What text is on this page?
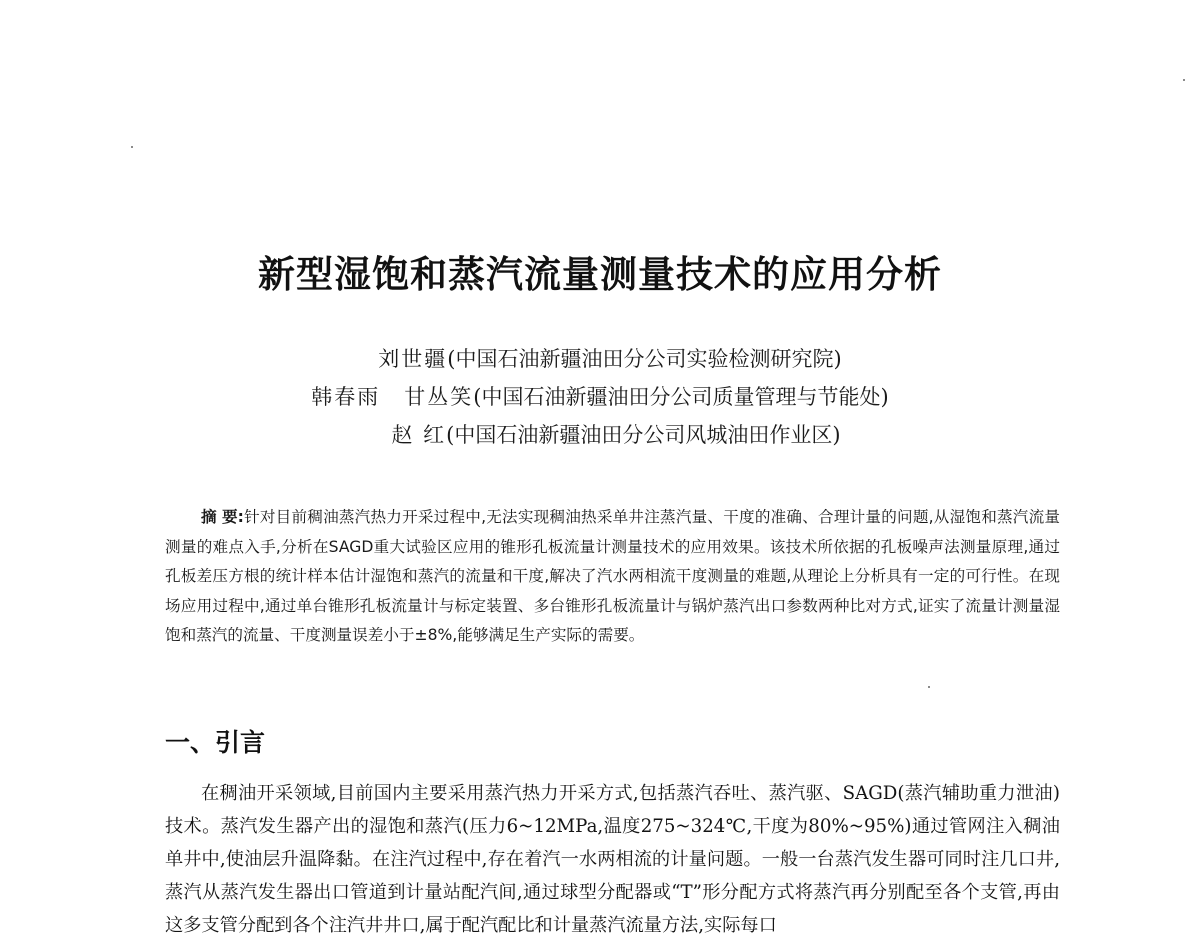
新型湿饱和蒸汽流量测量技术的应用分析
刘世疆(中国石油新疆油田分公司实验检测研究院)
韩春雨 甘丛笑(中国石油新疆油田分公司质量管理与节能处)
赵 红(中国石油新疆油田分公司风城油田作业区)

摘 要:针对目前稠油蒸汽热力开采过程中,无法实现稠油热采单井注蒸汽量、干度的准确、合理计量的问题,从湿饱和蒸汽流量测量的难点入手,分析在SAGD重大试验区应用的锥形孔板流量计测量技术的应用效果。该技术所依据的孔板噪声法测量原理,通过孔板差压方根的统计样本估计湿饱和蒸汽的流量和干度,解决了汽水两相流干度测量的难题,从理论上分析具有一定的可行性。在现场应用过程中,通过单台锥形孔板流量计与标定装置、多台锥形孔板流量计与锅炉蒸汽出口参数两种比对方式,证实了流量计测量湿饱和蒸汽的流量、干度测量误差小于±8%,能够满足生产实际的需要。

一、引言

在稠油开采领域,目前国内主要采用蒸汽热力开采方式,包括蒸汽吞吐、蒸汽驱、SAGD(蒸汽辅助重力泄油)技术。蒸汽发生器产出的湿饱和蒸汽(压力6~12MPa,温度275~324℃,干度为80%~95%)通过管网注入稠油单井中,使油层升温降黏。在注汽过程中,存在着汽一水两相流的计量问题。一般一台蒸汽发生器可同时注几口井,蒸汽从蒸汽发生器出口管道到计量站配汽间,通过球型分配器或“T”形分配方式将蒸汽再分别配至各个支管,再由这多支管分配到各个注汽井井口,属于配汽配比和计量蒸汽流量方法,实际每口
